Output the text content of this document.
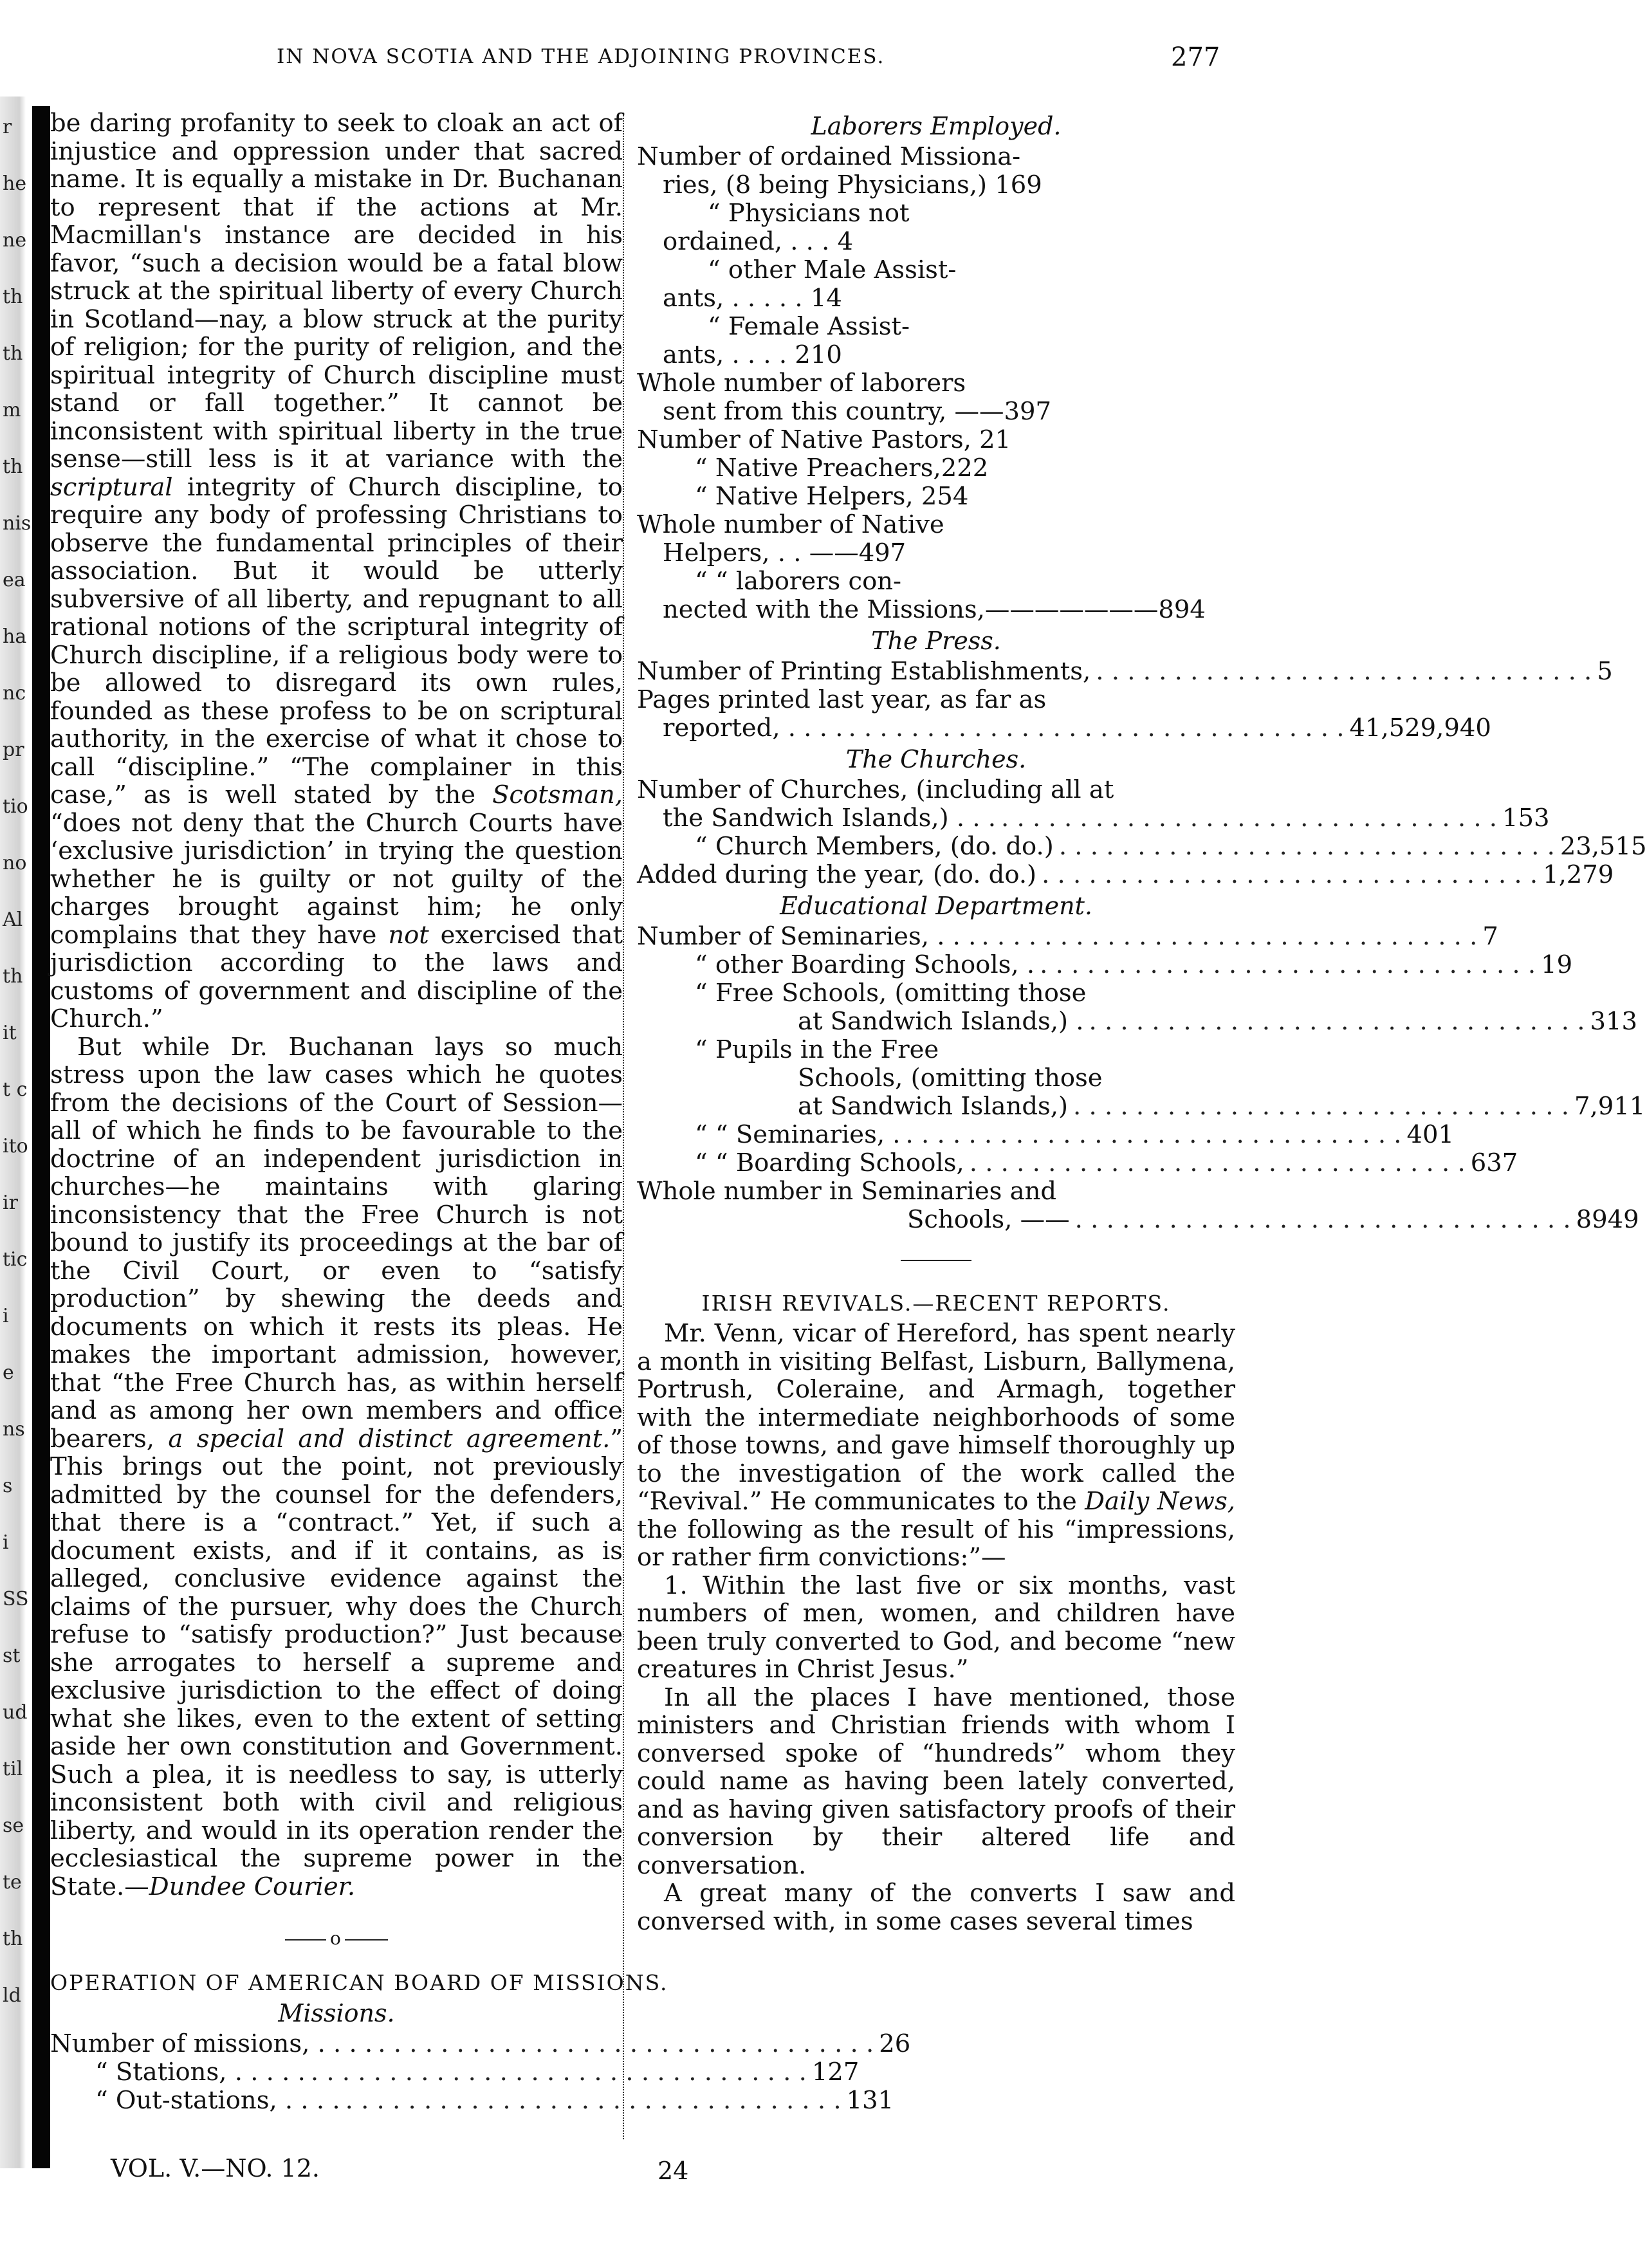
IN NOVA SCOTIA AND THE ADJOINING PROVINCES.	277
r
he
ne
th
th
m
th
nis
ea
ha
nc
pr
tio
no
Al
th
it
t c
ito
ir
tic
i
e
ns
s
i
SS
st
ud
til
se
te
th
ld

be daring profanity to seek to cloak an act of injustice and oppression under that sacred name. It is equally a mistake in Dr. Buchanan to represent that if the actions at Mr. Macmillan's instance are decided in his favor, “such a decision would be a fatal blow struck at the spiritual liberty of every Church in Scotland—nay, a blow struck at the purity of religion; for the purity of religion, and the spiritual integrity of Church discipline must stand or fall together.” It cannot be inconsistent with spiritual liberty in the true sense—still less is it at variance with the scriptural integrity of Church discipline, to require any body of professing Christians to observe the fundamental principles of their association. But it would be utterly subversive of all liberty, and repugnant to all rational notions of the scriptural integrity of Church discipline, if a religious body were to be allowed to disregard its own rules, founded as these profess to be on scriptural authority, in the exercise of what it chose to call “discipline.” “The complainer in this case,” as is well stated by the Scotsman, “does not deny that the Church Courts have ‘exclusive jurisdiction’ in trying the question whether he is guilty or not guilty of the charges brought against him; he only complains that they have not exercised that jurisdiction according to the laws and customs of government and discipline of the Church.”

But while Dr. Buchanan lays so much stress upon the law cases which he quotes from the decisions of the Court of Session—all of which he finds to be favourable to the doctrine of an independent jurisdiction in churches—he maintains with glaring inconsistency that the Free Church is not bound to justify its proceedings at the bar of the Civil Court, or even to “satisfy production” by shewing the deeds and documents on which it rests its pleas. He makes the important admission, however, that “the Free Church has, as within herself and as among her own members and office bearers, a special and distinct agreement.” This brings out the point, not previously admitted by the counsel for the defenders, that there is a “contract.” Yet, if such a document exists, and if it contains, as is alleged, conclusive evidence against the claims of the pursuer, why does the Church refuse to “satisfy production?” Just because she arrogates to herself a supreme and exclusive jurisdiction to the effect of doing what she likes, even to the extent of setting aside her own constitution and Government. Such a plea, it is needless to say, is utterly inconsistent both with civil and religious liberty, and would in its operation render the ecclesiastical the supreme power in the State.—Dundee Courier.

o
OPERATION OF AMERICAN BOARD OF MISSIONS.
Missions.
Number of missions, . . . . . . . . . . . . . . . . . . . . . . . . . . . . . . . . . . . . 26
“ Stations, . . . . . . . . . . . . . . . . . . . . . . . . . . . . . . . . . . . . . 127
“ Out-stations, . . . . . . . . . . . . . . . . . . . . . . . . . . . . . . . . . . . . 131
VOL. V.—NO. 12.
Laborers Employed.
Number of ordained Missiona-
ries, (8 being Physicians,) 169
“ Physicians not
ordained, . . . 4
“ other Male Assist-
ants, . . . . . 14
“ Female Assist-
ants, . . . . 210
Whole number of laborers
sent from this country, ——397
Number of Native Pastors, 21
“ Native Preachers,222
“ Native Helpers, 254
Whole number of Native
Helpers, . . ——497
“ “ laborers con-
nected with the Missions,———————894
The Press.
Number of Printing Establishments, . . . . . . . . . . . . . . . . . . . . . . . . . . . . . . . . 5
Pages printed last year, as far as
reported, . . . . . . . . . . . . . . . . . . . . . . . . . . . . . . . . . . . . 41,529,940
The Churches.
Number of Churches, (including all at
the Sandwich Islands,) . . . . . . . . . . . . . . . . . . . . . . . . . . . . . . . . . . . 153
“ Church Members, (do. do.) . . . . . . . . . . . . . . . . . . . . . . . . . . . . . . . . 23,515
Added during the year, (do. do.) . . . . . . . . . . . . . . . . . . . . . . . . . . . . . . . . 1,279
Educational Department.
Number of Seminaries, . . . . . . . . . . . . . . . . . . . . . . . . . . . . . . . . . . . 7
“ other Boarding Schools, . . . . . . . . . . . . . . . . . . . . . . . . . . . . . . . . . 19
“ Free Schools, (omitting those
at Sandwich Islands,) . . . . . . . . . . . . . . . . . . . . . . . . . . . . . . . . . 313
“ Pupils in the Free
Schools, (omitting those
at Sandwich Islands,) . . . . . . . . . . . . . . . . . . . . . . . . . . . . . . . . 7,911
“ “ Seminaries, . . . . . . . . . . . . . . . . . . . . . . . . . . . . . . . . . 401
“ “ Boarding Schools, . . . . . . . . . . . . . . . . . . . . . . . . . . . . . . . . 637
Whole number in Seminaries and
Schools, —— . . . . . . . . . . . . . . . . . . . . . . . . . . . . . . . . 8949
IRISH REVIVALS.—RECENT REPORTS.

Mr. Venn, vicar of Hereford, has spent nearly a month in visiting Belfast, Lisburn, Ballymena, Portrush, Coleraine, and Armagh, together with the intermediate neighborhoods of some of those towns, and gave himself thoroughly up to the investigation of the work called the “Revival.” He communicates to the Daily News, the following as the result of his “impressions, or rather firm convictions:”—

1. Within the last five or six months, vast numbers of men, women, and children have been truly converted to God, and become “new creatures in Christ Jesus.”

In all the places I have mentioned, those ministers and Christian friends with whom I conversed spoke of “hundreds” whom they could name as having been lately converted, and as having given satisfactory proofs of their conversion by their altered life and conversation.

A great many of the converts I saw and conversed with, in some cases several times

24
